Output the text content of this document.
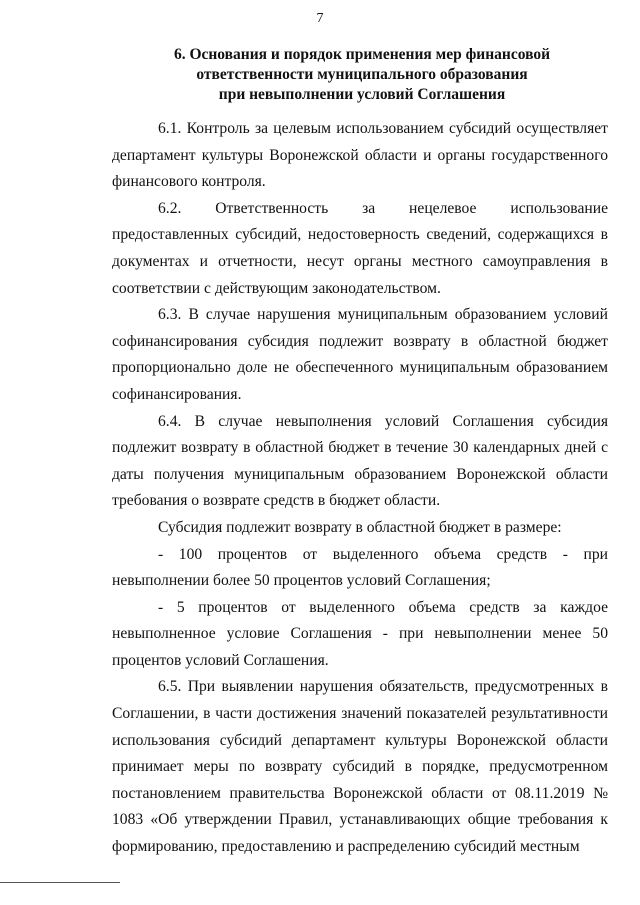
7
6. Основания и порядок применения мер финансовой
ответственности муниципального образования
при невыполнении условий Соглашения

6.1. Контроль за целевым использованием субсидий осуществляет департамент культуры Воронежской области и органы государственного финансового контроля.

6.2. Ответственность за нецелевое использование предоставленных субсидий, недостоверность сведений, содержащихся в документах и отчетности, несут органы местного самоуправления в соответствии с действующим законодательством.

6.3. В случае нарушения муниципальным образованием условий софинансирования субсидия подлежит возврату в областной бюджет пропорционально доле не обеспеченного муниципальным образованием софинансирования.

6.4. В случае невыполнения условий Соглашения субсидия подлежит возврату в областной бюджет в течение 30 календарных дней с даты получения муниципальным образованием Воронежской области требования о возврате средств в бюджет области.

Субсидия подлежит возврату в областной бюджет в размере:

- 100 процентов от выделенного объема средств - при невыполнении более 50 процентов условий Соглашения;

- 5 процентов от выделенного объема средств за каждое невыполненное условие Соглашения - при невыполнении менее 50 процентов условий Соглашения.

6.5. При выявлении нарушения обязательств, предусмотренных в Соглашении, в части достижения значений показателей результативности использования субсидий департамент культуры Воронежской области принимает меры по возврату субсидий в порядке, предусмотренном постановлением правительства Воронежской области от 08.11.2019 № 1083 «Об утверждении Правил, устанавливающих общие требования к формированию, предоставлению и распределению субсидий местным
